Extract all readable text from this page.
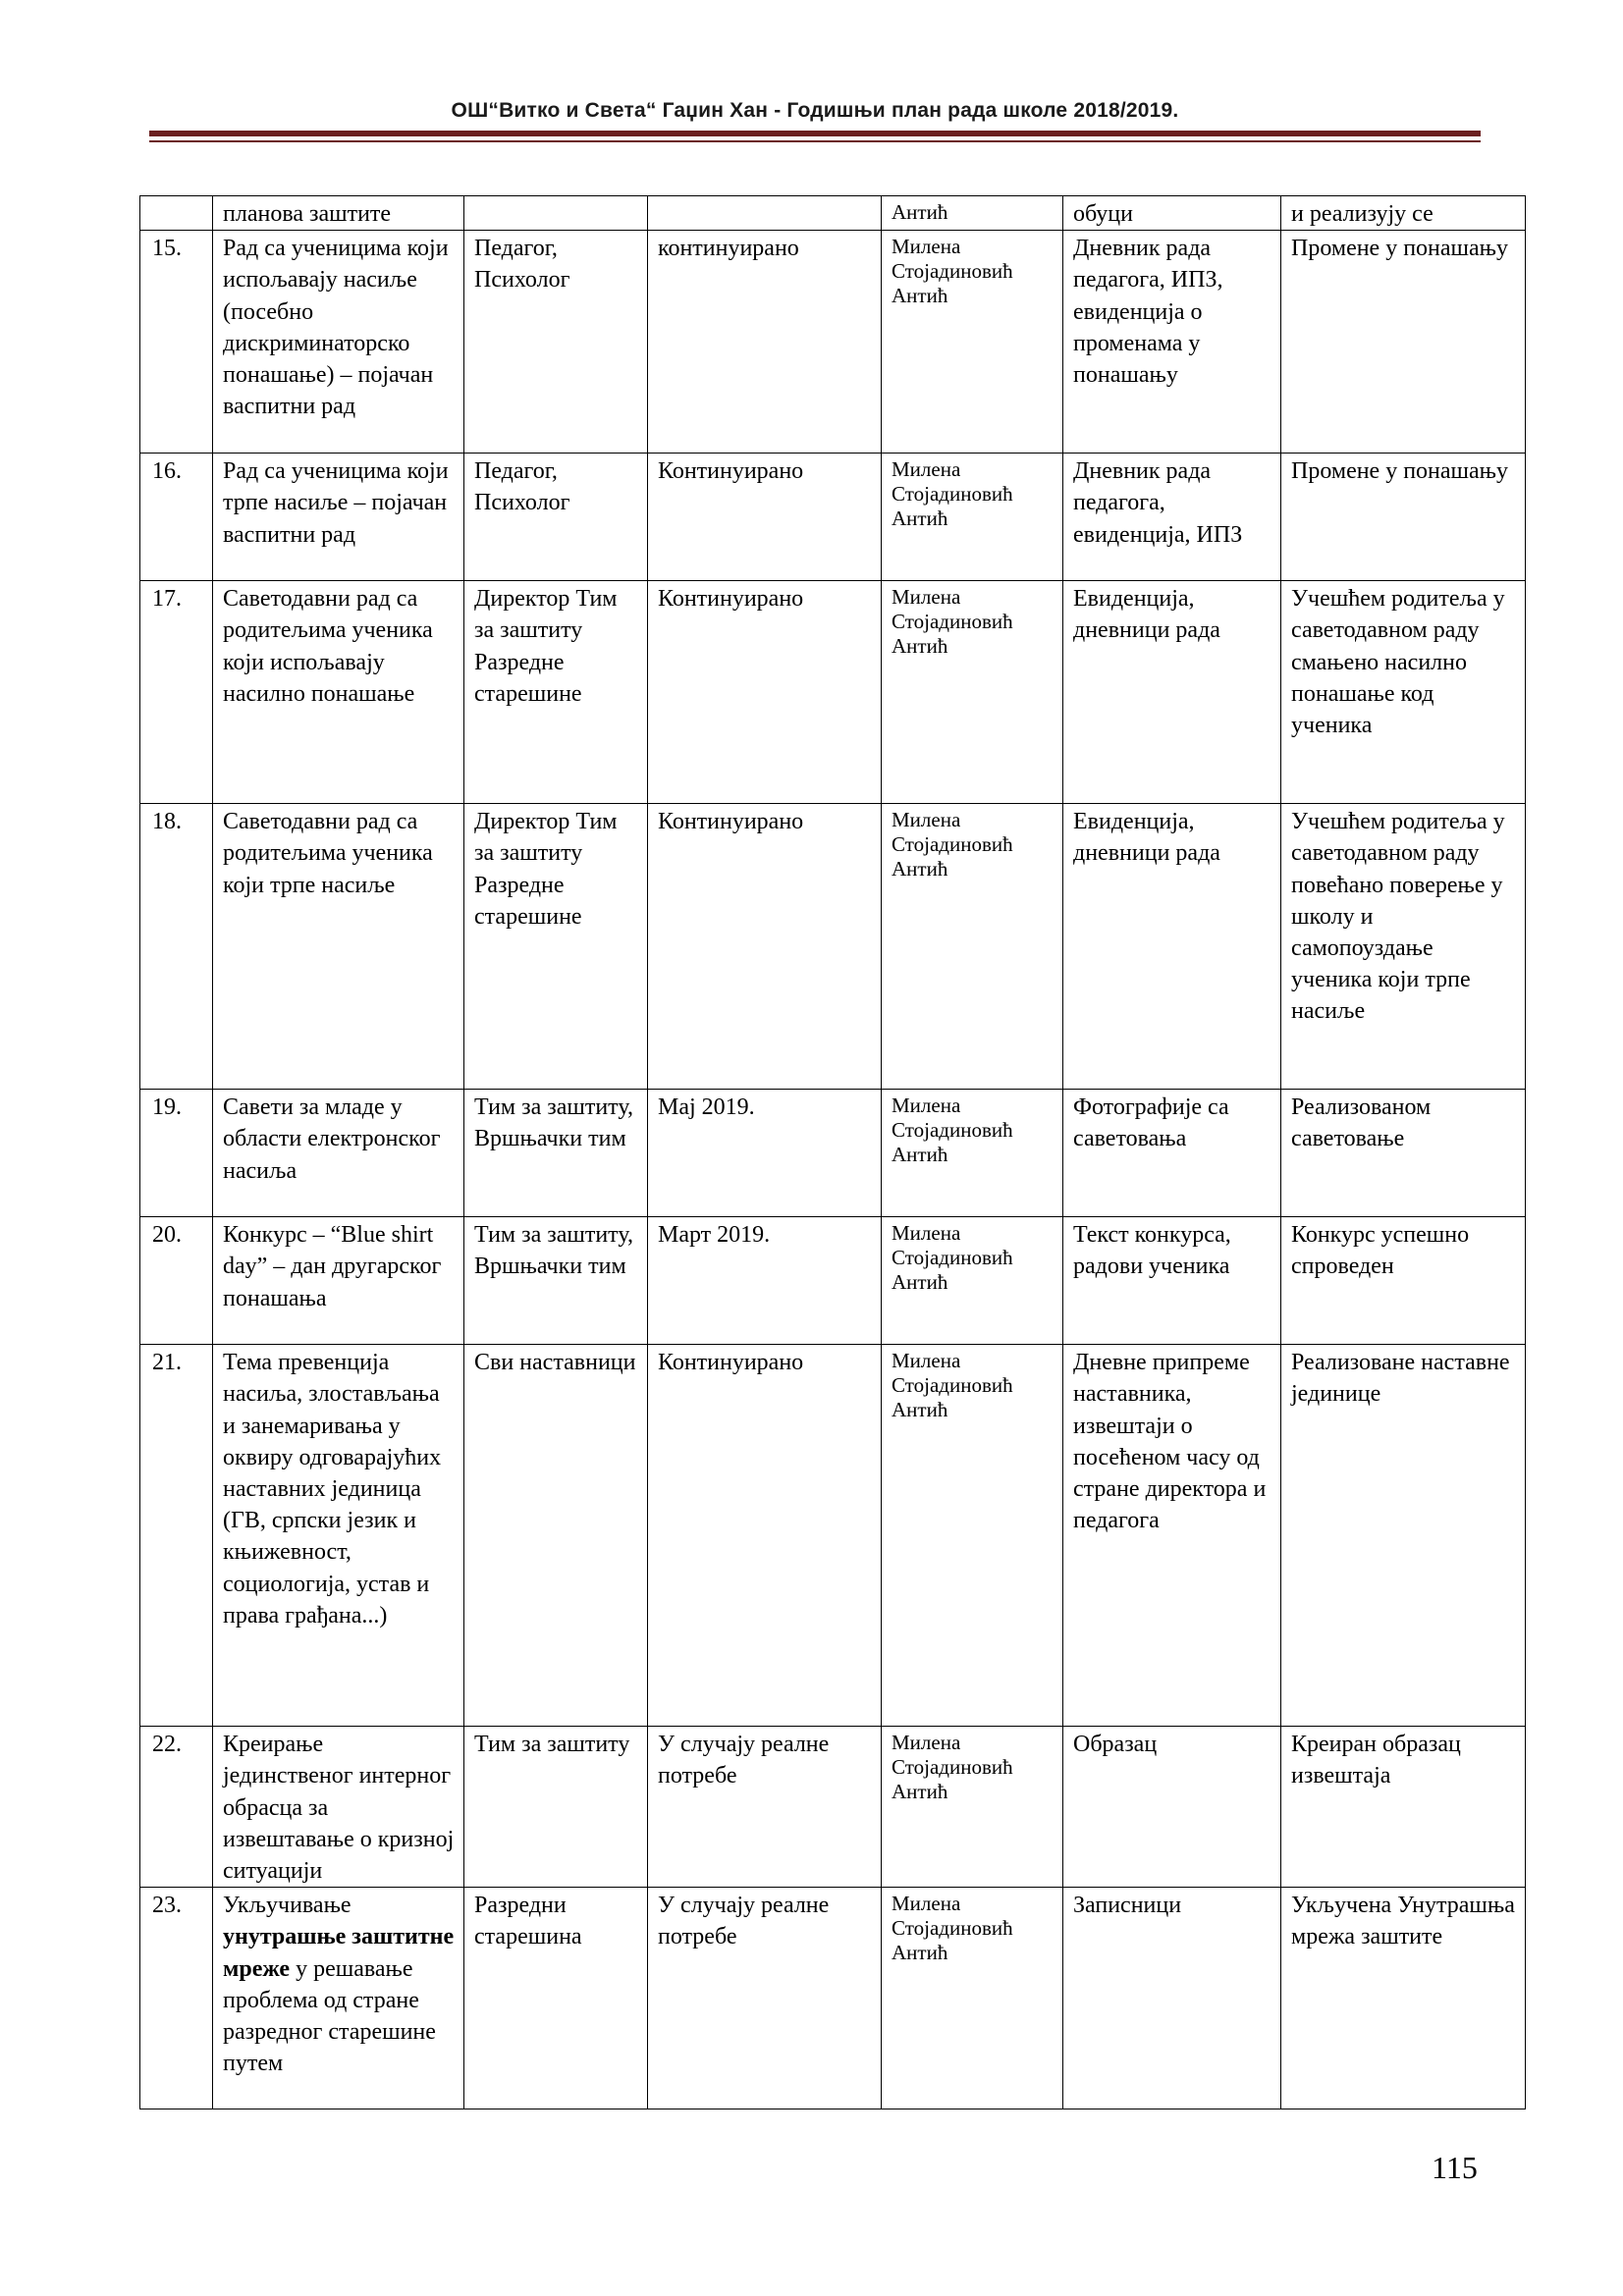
ОШ“Витко и Света“ Гаџин Хан - Годишњи план рада школе 2018/2019.
	планова заштите			Антић	обуци	и реализују се
15.	Рад са ученицима који испољавају насиље (посебно дискриминаторско понашање) – појачан васпитни рад	Педагог, Психолог	континуирано	Милена Стојадиновић Антић	Дневник рада педагога, ИПЗ, евиденција о променама у понашању	Промене у понашању
16.	Рад са ученицима који трпе насиље – појачан васпитни рад	Педагог, Психолог	Континуирано	Милена Стојадиновић Антић	Дневник рада педагога, евиденција, ИПЗ	Промене у понашању
17.	Саветодавни рад са родитељима ученика који испољавају насилно понашање	Директор Тим за заштиту Разредне старешине	Континуирано	Милена Стојадиновић Антић	Евиденција, дневници рада	Учешћем родитеља у саветодавном раду смањено насилно понашање код ученика
18.	Саветодавни рад са родитељима ученика који трпе насиље	Директор Тим за заштиту Разредне старешине	Континуирано	Милена Стојадиновић Антић	Евиденција, дневници рада	Учешћем родитеља у саветодавном раду повећано поверење у школу и самопоуздање ученика који трпе насиље
19.	Савети за младе у области електронског насиља	Тим за заштиту, Вршњачки тим	Мај 2019.	Милена Стојадиновић Антић	Фотографије са саветовања	Реализованом саветовање
20.	Конкурс – “Blue shirt day” – дан другарског понашања	Тим за заштиту, Вршњачки тим	Март 2019.	Милена Стојадиновић Антић	Текст конкурса, радови ученика	Конкурс успешно спроведен
21.	Тема превенција насиља, злостављања и занемаривања у оквиру одговарајућих наставних јединица (ГВ, српски језик и књижевност, социологија, устав и права грађана...)	Сви наставници	Континуирано	Милена Стојадиновић Антић	Дневне припреме наставника, извештаји о посећеном часу од стране директора и педагога	Реализоване наставне јединице
22.	Креирање јединственог интерног обрасца за извештавање о кризној ситуацији	Тим за заштиту	У случају реалне потребе	Милена Стојадиновић Антић	Образац	Креиран образац извештаја
23.	Укључивање унутрашње заштитне мреже у решавање проблема од стране разредног старешине путем	Разредни старешина	У случају реалне потребе	Милена Стојадиновић Антић	Записници	Укључена Унутрашња мрежа заштите
115
